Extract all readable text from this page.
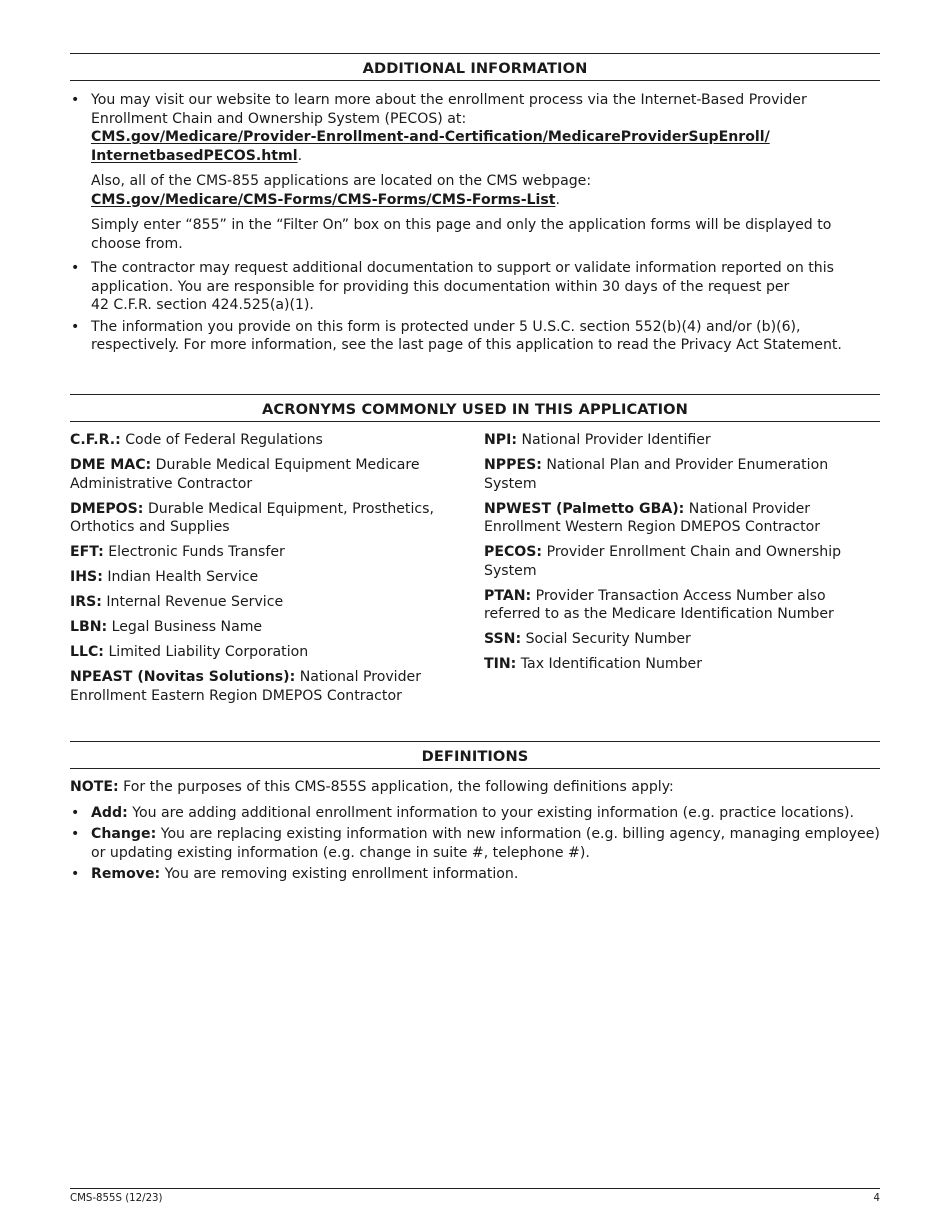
ADDITIONAL INFORMATION
• You may visit our website to learn more about the enrollment process via the Internet-Based Provider Enrollment Chain and Ownership System (PECOS) at:
CMS.gov/Medicare/Provider-Enrollment-and-Certification/MedicareProviderSupEnroll/
InternetbasedPECOS.html.
Also, all of the CMS-855 applications are located on the CMS webpage:
CMS.gov/Medicare/CMS-Forms/CMS-Forms/CMS-Forms-List.
Simply enter “855” in the “Filter On” box on this page and only the application forms will be displayed to choose from.
• The contractor may request additional documentation to support or validate information reported on this application. You are responsible for providing this documentation within 30 days of the request per
42 C.F.R. section 424.525(a)(1).
• The information you provide on this form is protected under 5 U.S.C. section 552(b)(4) and/or (b)(6), respectively. For more information, see the last page of this application to read the Privacy Act Statement.
ACRONYMS COMMONLY USED IN THIS APPLICATION
C.F.R.: Code of Federal Regulations
DME MAC: Durable Medical Equipment Medicare Administrative Contractor
DMEPOS: Durable Medical Equipment, Prosthetics, Orthotics and Supplies
EFT: Electronic Funds Transfer
IHS: Indian Health Service
IRS: Internal Revenue Service
LBN: Legal Business Name
LLC: Limited Liability Corporation
NPEAST (Novitas Solutions): National Provider Enrollment Eastern Region DMEPOS Contractor
NPI: National Provider Identifier
NPPES: National Plan and Provider Enumeration System
NPWEST (Palmetto GBA): National Provider Enrollment Western Region DMEPOS Contractor
PECOS: Provider Enrollment Chain and Ownership System
PTAN: Provider Transaction Access Number also referred to as the Medicare Identification Number
SSN: Social Security Number
TIN: Tax Identification Number
DEFINITIONS
NOTE: For the purposes of this CMS-855S application, the following definitions apply:
• Add: You are adding additional enrollment information to your existing information (e.g. practice locations).
• Change: You are replacing existing information with new information (e.g. billing agency, managing employee) or updating existing information (e.g. change in suite #, telephone #).
• Remove: You are removing existing enrollment information.
CMS-855S (12/23)	4
